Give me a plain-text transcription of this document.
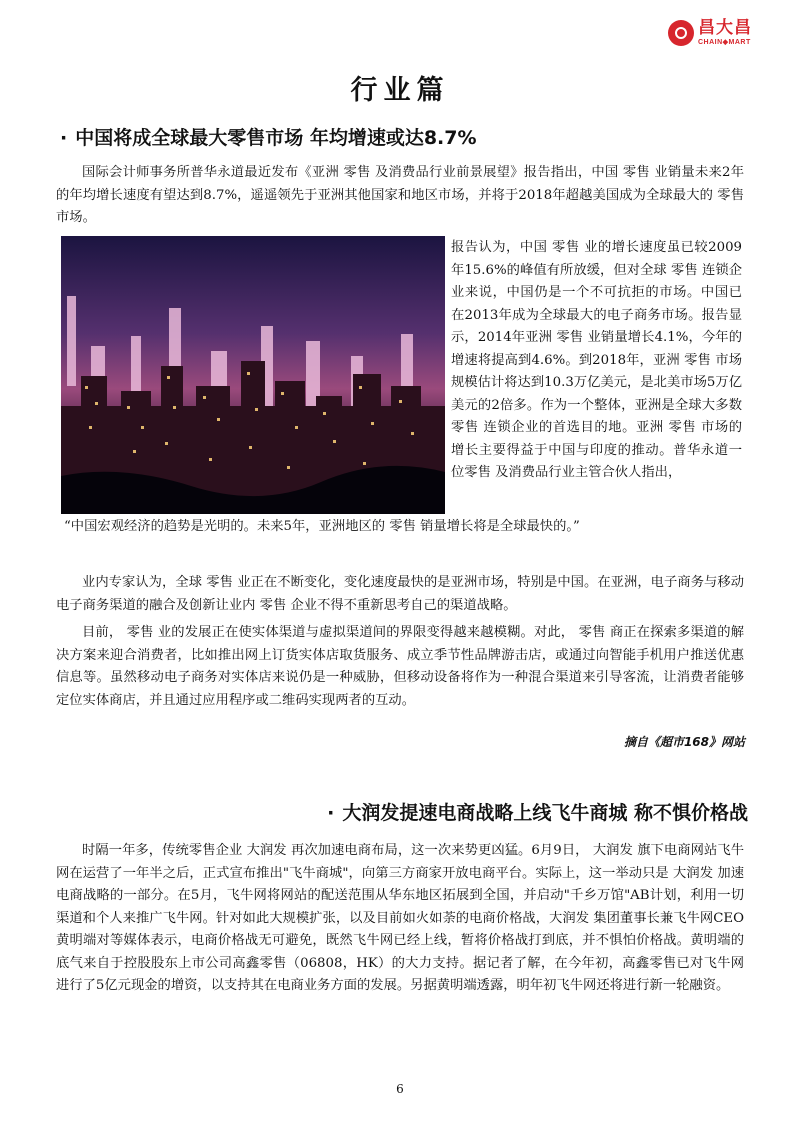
昌大昌
CHAIN◆MART
行业篇
· 中国将成全球最大零售市场 年均增速或达8.7%

国际会计师事务所普华永道最近发布《亚洲 零售 及消费品行业前景展望》报告指出，中国 零售 业销量未来2年的年均增长速度有望达到8.7%，遥遥领先于亚洲其他国家和地区市场，并将于2018年超越美国成为全球最大的 零售 市场。

报告认为，中国 零售 业的增长速度虽已较2009年15.6%的峰值有所放缓，但对全球 零售 连锁企业来说，中国仍是一个不可抗拒的市场。中国已在2013年成为全球最大的电子商务市场。报告显示，2014年亚洲 零售 业销量增长4.1%，今年的增速将提高到4.6%。到2018年，亚洲 零售 市场规模估计将达到10.3万亿美元，是北美市场5万亿美元的2倍多。作为一个整体，亚洲是全球大多数 零售 连锁企业的首选目的地。亚洲 零售 市场的增长主要得益于中国与印度的推动。普华永道一位零售 及消费品行业主管合伙人指出，

“中国宏观经济的趋势是光明的。未来5年，亚洲地区的 零售 销量增长将是全球最快的。”

业内专家认为，全球 零售 业正在不断变化，变化速度最快的是亚洲市场，特别是中国。在亚洲，电子商务与移动电子商务渠道的融合及创新让业内 零售 企业不得不重新思考自己的渠道战略。

目前， 零售 业的发展正在使实体渠道与虚拟渠道间的界限变得越来越模糊。对此， 零售 商正在探索多渠道的解决方案来迎合消费者，比如推出网上订货实体店取货服务、成立季节性品牌游击店，或通过向智能手机用户推送优惠信息等。虽然移动电子商务对实体店来说仍是一种威胁，但移动设备将作为一种混合渠道来引导客流，让消费者能够定位实体商店，并且通过应用程序或二维码实现两者的互动。

摘自《超市168》网站
· 大润发提速电商战略上线飞牛商城 称不惧价格战

时隔一年多，传统零售企业 大润发 再次加速电商布局，这一次来势更凶猛。6月9日， 大润发 旗下电商网站飞牛网在运营了一年半之后，正式宣布推出"飞牛商城"，向第三方商家开放电商平台。实际上，这一举动只是 大润发 加速电商战略的一部分。在5月，飞牛网将网站的配送范围从华东地区拓展到全国，并启动"千乡万馆"AB计划，利用一切渠道和个人来推广飞牛网。针对如此大规模扩张，以及目前如火如荼的电商价格战，大润发 集团董事长兼飞牛网CEO黄明端对等媒体表示，电商价格战无可避免，既然飞牛网已经上线，暂将价格战打到底，并不惧怕价格战。黄明端的底气来自于控股股东上市公司高鑫零售（06808，HK）的大力支持。据记者了解，在今年初，高鑫零售已对飞牛网进行了5亿元现金的增资，以支持其在电商业务方面的发展。另据黄明端透露，明年初飞牛网还将进行新一轮融资。

6
